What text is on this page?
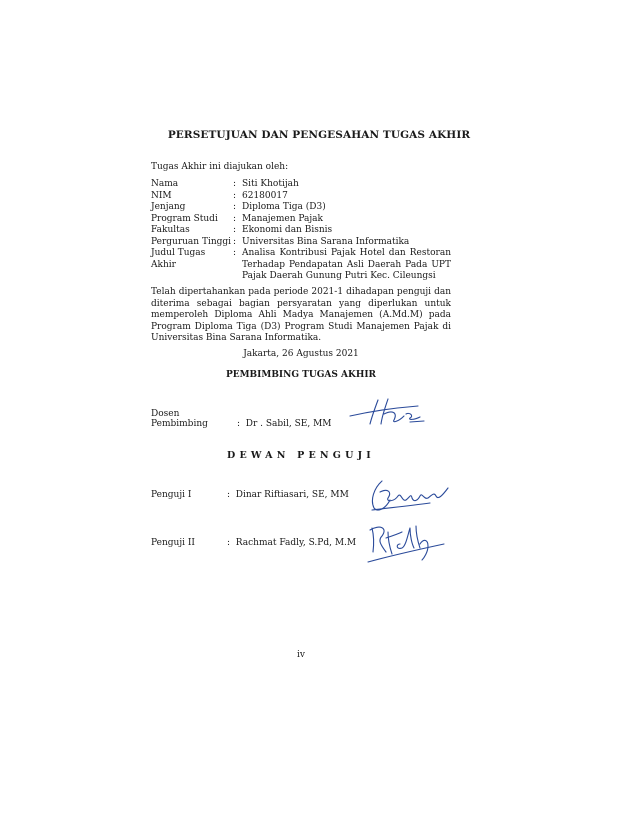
PERSETUJUAN DAN PENGESAHAN TUGAS AKHIR
Tugas Akhir ini diajukan oleh:
Nama	: Siti Khotijah
NIM	: 62180017
Jenjang	: Diploma Tiga (D3)
Program Studi	: Manajemen Pajak
Fakultas	: Ekonomi dan Bisnis
Perguruan Tinggi : Universitas Bina Sarana Informatika
Judul Tugas Akhir
: Analisa Kontribusi Pajak Hotel dan Restoran Terhadap Pendapatan Asli Daerah Pada UPT Pajak Daerah Gunung Putri Kec. Cileungsi
Telah dipertahankan pada periode 2021-1 dihadapan penguji dan diterima sebagai bagian persyaratan yang diperlukan untuk memperoleh Diploma Ahli Madya Manajemen (A.Md.M) pada Program Diploma Tiga (D3) Program Studi Manajemen Pajak di Universitas Bina Sarana Informatika.
Jakarta, 26 Agustus 2021
PEMBIMBING TUGAS AKHIR
Dosen Pembimbing	:  Dr . Sabil, SE, MM
DEWAN PENGUJI
Penguji I	:  Dinar Riftiasari, SE, MM
Penguji II	:  Rachmat Fadly, S.Pd, M.M
iv
